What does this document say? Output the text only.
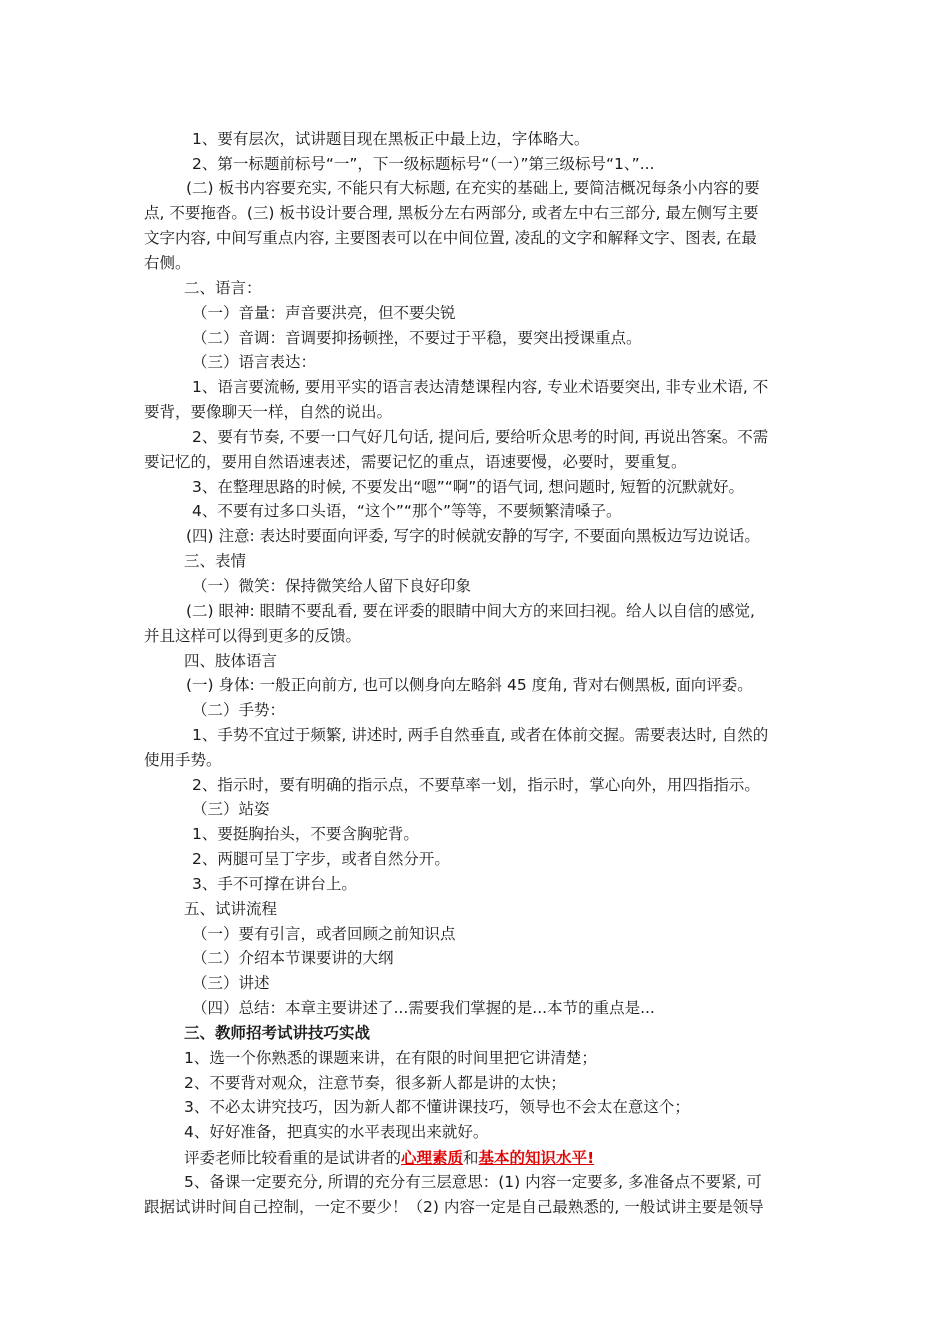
1、要有层次，试讲题目现在黑板正中最上边，字体略大。
2、第一标题前标号“一”，下一级标题标号“（一）”第三级标号“1、”...
(二) 板书内容要充实, 不能只有大标题, 在充实的基础上, 要简洁概况每条小内容的要
点, 不要拖沓。(三) 板书设计要合理, 黑板分左右两部分, 或者左中右三部分, 最左侧写主要
文字内容, 中间写重点内容, 主要图表可以在中间位置, 凌乱的文字和解释文字、图表, 在最
右侧。
二、语言：
（一）音量：声音要洪亮，但不要尖锐
（二）音调：音调要抑扬顿挫，不要过于平稳，要突出授课重点。
（三）语言表达：
1、语言要流畅, 要用平实的语言表达清楚课程内容, 专业术语要突出, 非专业术语, 不
要背，要像聊天一样，自然的说出。
2、要有节奏, 不要一口气好几句话, 提问后, 要给听众思考的时间, 再说出答案。不需
要记忆的，要用自然语速表述，需要记忆的重点，语速要慢，必要时，要重复。
3、在整理思路的时候, 不要发出“嗯”“啊”的语气词, 想问题时, 短暂的沉默就好。
4、不要有过多口头语，“这个”“那个”等等，不要频繁清嗓子。
(四) 注意: 表达时要面向评委, 写字的时候就安静的写字, 不要面向黑板边写边说话。
三、表情
（一）微笑：保持微笑给人留下良好印象
(二) 眼神: 眼睛不要乱看, 要在评委的眼睛中间大方的来回扫视。给人以自信的感觉,
并且这样可以得到更多的反馈。
四、肢体语言
(一) 身体: 一般正向前方, 也可以侧身向左略斜 45 度角, 背对右侧黑板, 面向评委。
（二）手势：
1、手势不宜过于频繁, 讲述时, 两手自然垂直, 或者在体前交握。需要表达时, 自然的
使用手势。
2、指示时，要有明确的指示点，不要草率一划，指示时，掌心向外，用四指指示。
（三）站姿
1、要挺胸抬头，不要含胸驼背。
2、两腿可呈丁字步，或者自然分开。
3、手不可撑在讲台上。
五、试讲流程
（一）要有引言，或者回顾之前知识点
（二）介绍本节课要讲的大纲
（三）讲述
（四）总结：本章主要讲述了...需要我们掌握的是...本节的重点是...
三、教师招考试讲技巧实战
1、选一个你熟悉的课题来讲，在有限的时间里把它讲清楚；
2、不要背对观众，注意节奏，很多新人都是讲的太快；
3、不必太讲究技巧，因为新人都不懂讲课技巧，领导也不会太在意这个；
4、好好准备，把真实的水平表现出来就好。
评委老师比较看重的是试讲者的心理素质和基本的知识水平!
5、备课一定要充分, 所谓的充分有三层意思：(1) 内容一定要多, 多准备点不要紧, 可
跟据试讲时间自己控制，一定不要少！（2) 内容一定是自己最熟悉的, 一般试讲主要是领导
